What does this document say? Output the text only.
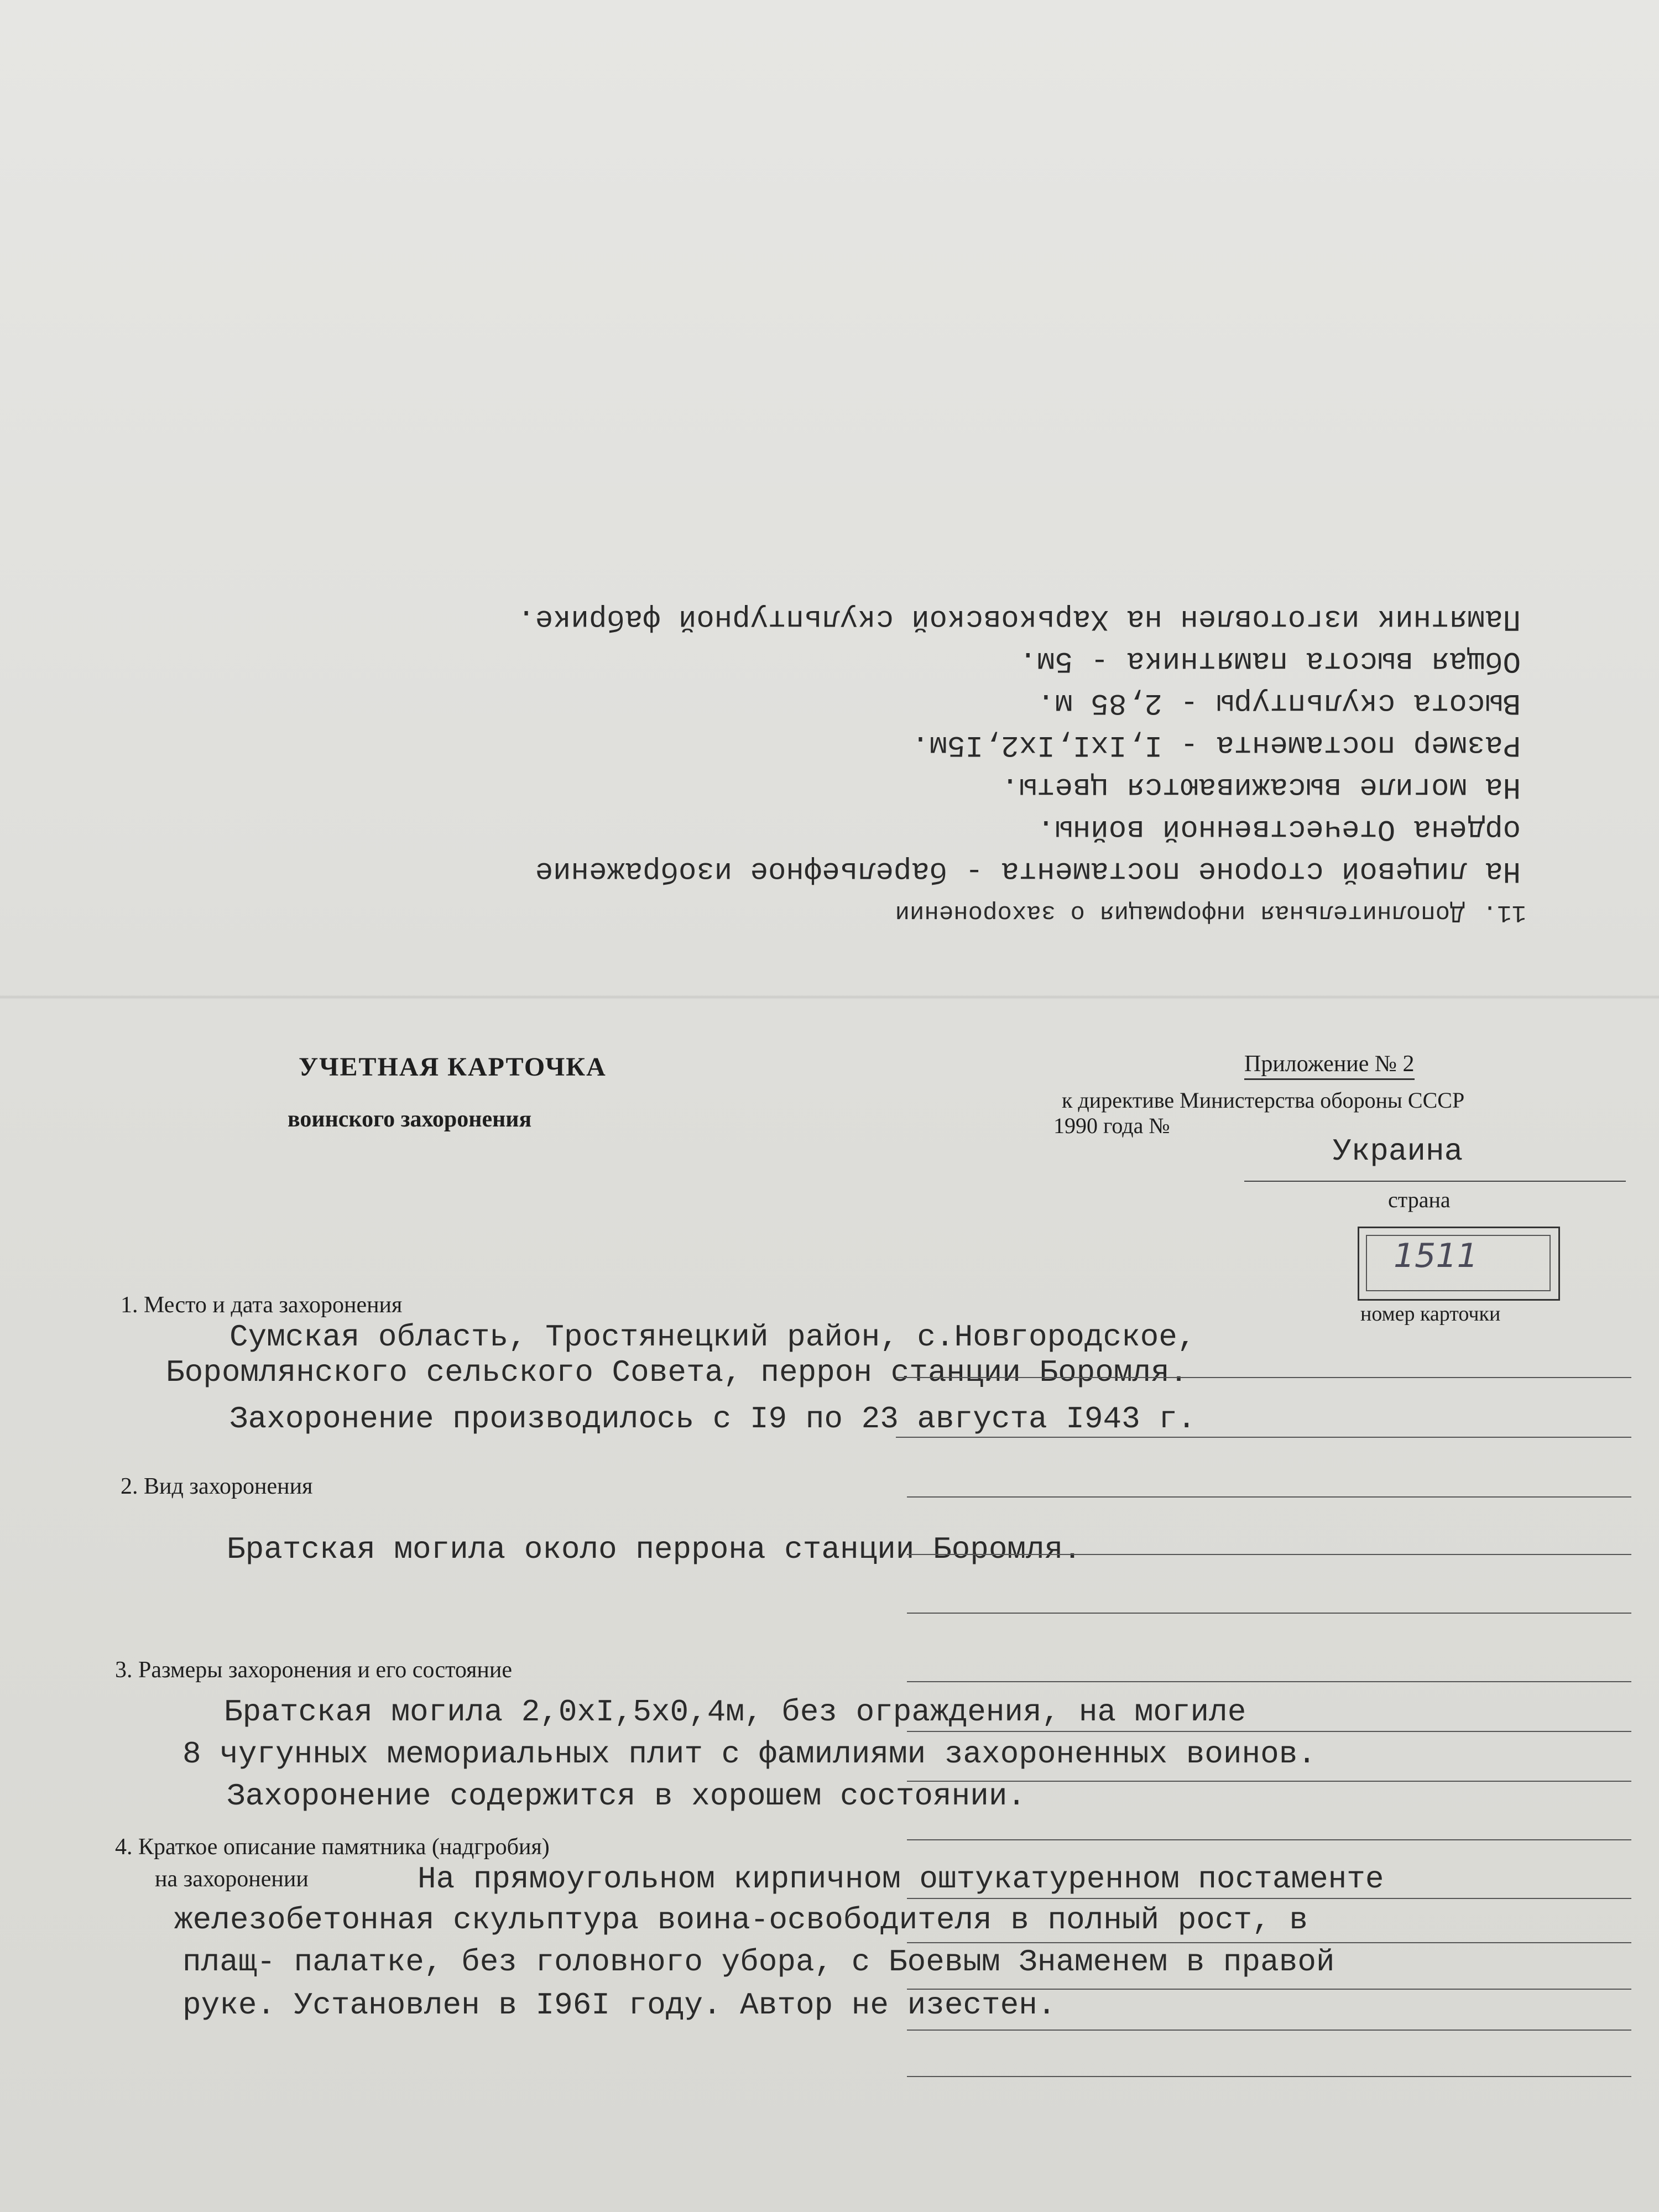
11. Дополнительная информация о захоронении
На лицевой стороне постамента - барельефное изображение
ордена Отечественной войны.
На могиле высаживаются цветы.
Размер постамента - I,IxI,Ix2,I5м.
Высота скульптуры - 2,85 м.
Общая высота памятника - 5м.
Памятник изготовлен на Харьковской скульптурной фабрике.
УЧЕТНАЯ КАРТОЧКА
воинского захоронения
Приложение № 2
к директиве Министерства обороны СССР
1990 года №
Украина
страна
1511
номер карточки
1. Место и дата захоронения
Сумская область, Тростянецкий район, с.Новгородское,
Боромлянского сельского Совета, перрон станции Боромля.
Захоронение производилось с I9 по 23 августа I943 г.
2. Вид захоронения
Братская могила около перрона станции Боромля.
3. Размеры захоронения и его состояние
Братская могила 2,0xI,5x0,4м, без ограждения, на могиле
8 чугунных мемориальных плит с фамилиями захороненных воинов.
Захоронение содержится в хорошем состоянии.
4. Краткое описание памятника (надгробия)
на захоронении	На прямоугольном кирпичном оштукатуренном постаменте
железобетонная скульптура воина-освободителя в полный рост, в
плащ- палатке, без головного убора, с Боевым Знаменем в правой
руке. Установлен в I96I году. Автор не изестен.
